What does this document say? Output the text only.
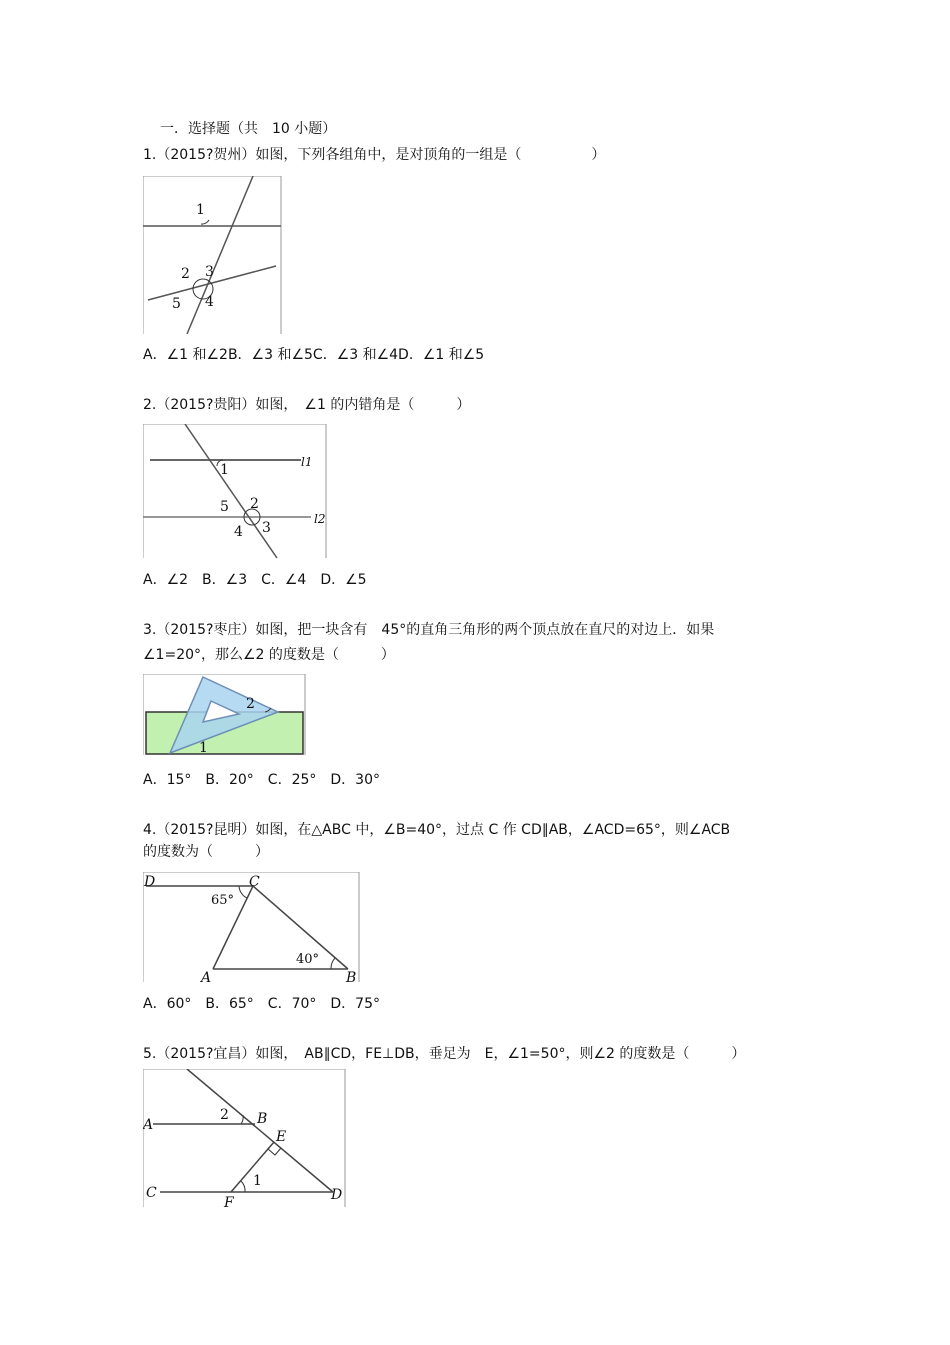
一．选择题（共　10 小题）
1.（2015?贺州）如图，下列各组角中，是对顶角的一组是（　　　　　）
1
2 3
4
5
A．∠1 和∠2B．∠3 和∠5C．∠3 和∠4D．∠1 和∠5
2.（2015?贵阳）如图，　∠1 的内错角是（　　　）
1
2
3
4
5
l1
l2
A．∠2　B．∠3　C．∠4　D．∠5
3.（2015?枣庄）如图，把一块含有　45°的直角三角形的两个顶点放在直尺的对边上．如果
∠1=20°，那么∠2 的度数是（　　　）
1
2
A．15°　B．20°　C．25°　D．30°
4.（2015?昆明）如图，在△ABC 中，∠B=40°，过点 C 作 CD∥AB，∠ACD=65°，则∠ACB
的度数为（　　　）
D	C
65°
40°
A	B
A．60°　B．65°　C．70°　D．75°
5.（2015?宜昌）如图，　AB∥CD，FE⊥DB，垂足为　E，∠1=50°，则∠2 的度数是（　　　）
A
2 B
E
C
1
F	D
